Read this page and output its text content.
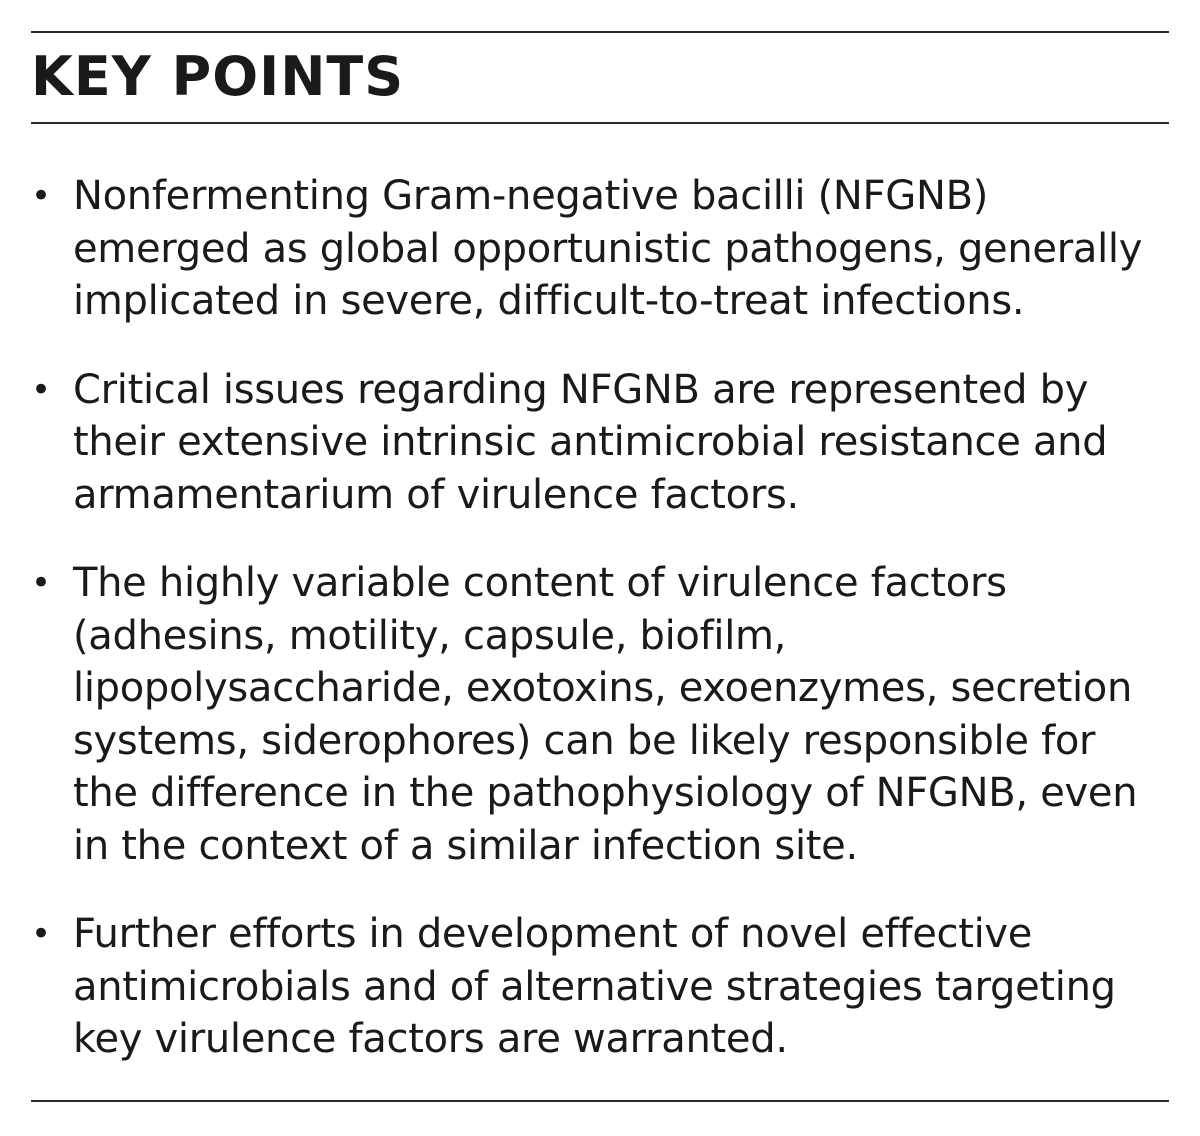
KEY POINTS
• Nonfermenting Gram-negative bacilli (NFGNB) emerged as global opportunistic pathogens, generally implicated in severe, difficult-to-treat infections.
• Critical issues regarding NFGNB are represented by their extensive intrinsic antimicrobial resistance and armamentarium of virulence factors.
• The highly variable content of virulence factors (adhesins, motility, capsule, biofilm, lipopolysaccharide, exotoxins, exoenzymes, secretion systems, siderophores) can be likely responsible for the difference in the pathophysiology of NFGNB, even in the context of a similar infection site.
• Further efforts in development of novel effective antimicrobials and of alternative strategies targeting key virulence factors are warranted.
